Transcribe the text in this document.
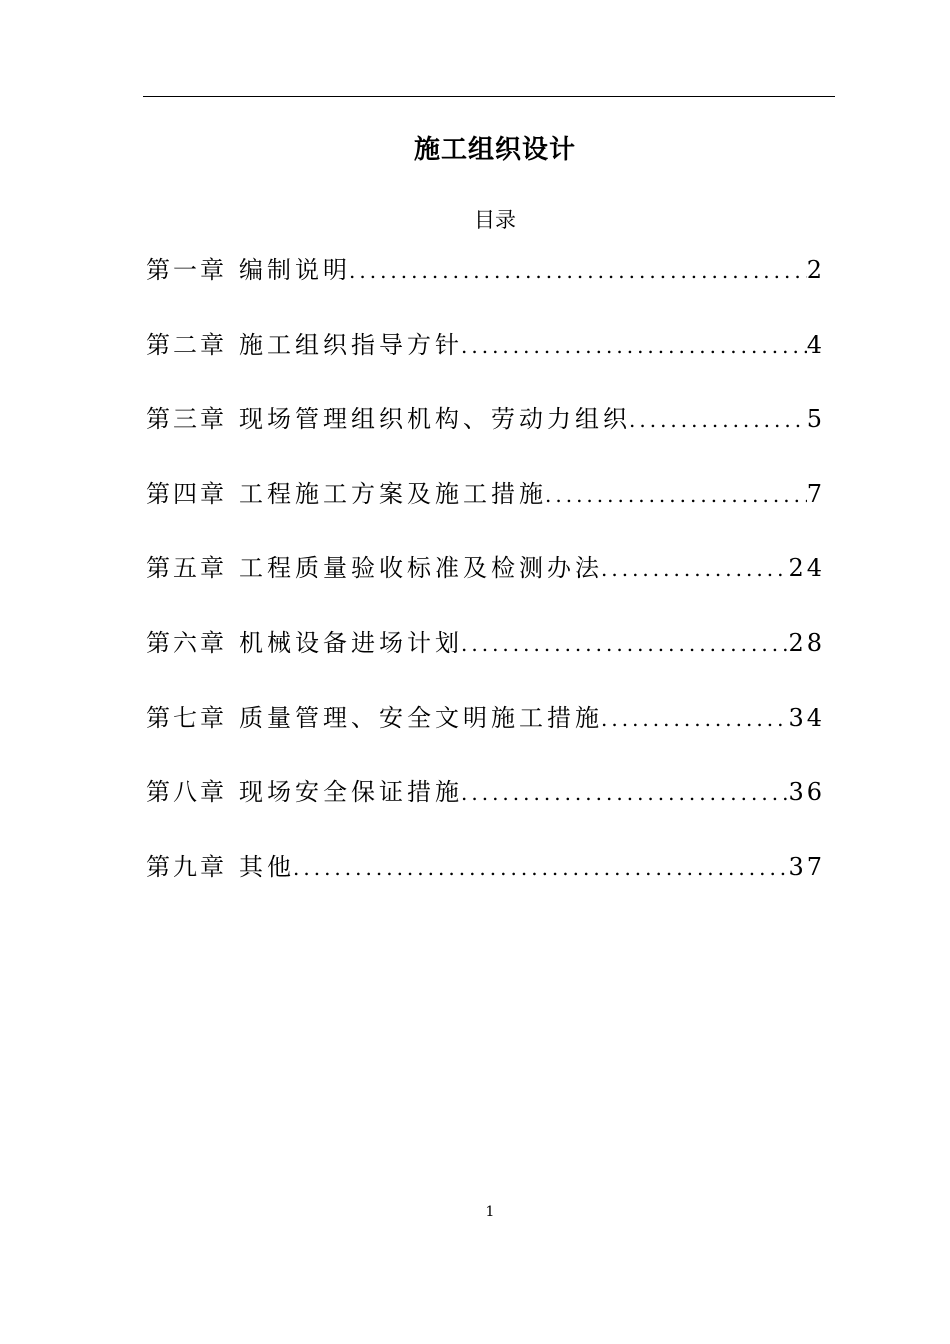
施工组织设计
目录
第一章 编制说明 .....	2
第二章 施工组织指导方针 .....	4
第三章 现场管理组织机构、劳动力组织 .....	5
第四章 工程施工方案及施工措施 .....	7
第五章 工程质量验收标准及检测办法 .....	24
第六章 机械设备进场计划 .....	28
第七章 质量管理、安全文明施工措施 .....	34
第八章 现场安全保证措施 .....	36
第九章 其他 .....	37
1
